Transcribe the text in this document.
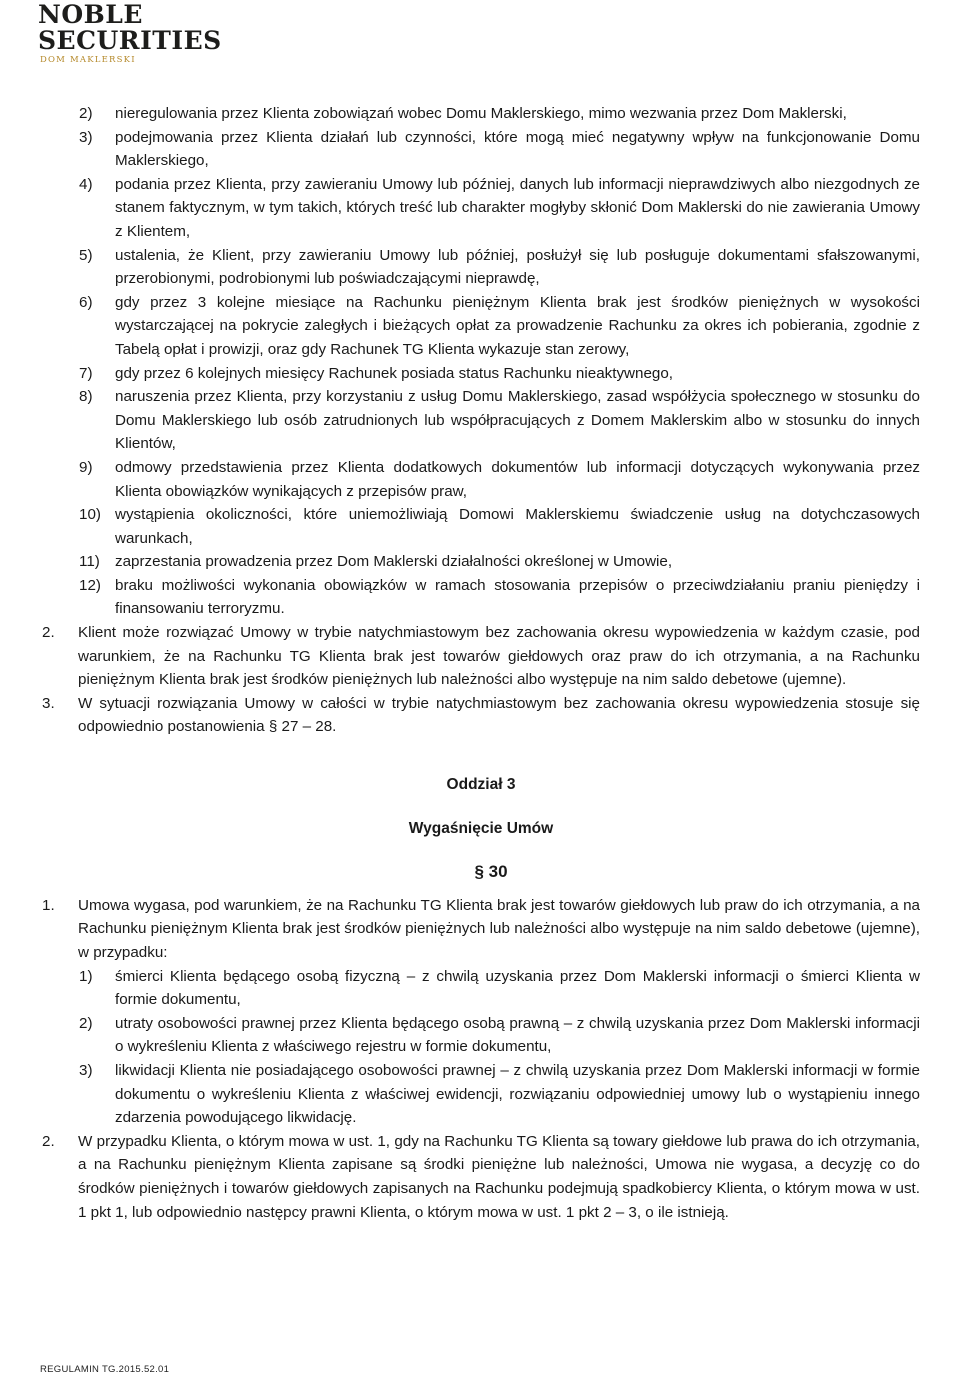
NOBLE
SECURITIES
DOM MAKLERSKI
2) nieregulowania przez Klienta zobowiązań wobec Domu Maklerskiego, mimo wezwania przez Dom Maklerski,
3) podejmowania przez Klienta działań lub czynności, które mogą mieć negatywny wpływ na funkcjonowanie Domu Maklerskiego,
4) podania przez Klienta, przy zawieraniu Umowy lub później, danych lub informacji nieprawdziwych albo niezgodnych ze stanem faktycznym, w tym takich, których treść lub charakter mogłyby skłonić Dom Maklerski do nie zawierania Umowy z Klientem,
5) ustalenia, że Klient, przy zawieraniu Umowy lub później, posłużył się lub posługuje dokumentami sfałszowanymi, przerobionymi, podrobionymi lub poświadczającymi nieprawdę,
6) gdy przez 3 kolejne miesiące na Rachunku pieniężnym Klienta brak jest środków pieniężnych w wysokości wystarczającej na pokrycie zaległych i bieżących opłat za prowadzenie Rachunku za okres ich pobierania, zgodnie z Tabelą opłat i prowizji, oraz gdy Rachunek TG Klienta wykazuje stan zerowy,
7) gdy przez 6 kolejnych miesięcy Rachunek posiada status Rachunku nieaktywnego,
8) naruszenia przez Klienta, przy korzystaniu z usług Domu Maklerskiego, zasad współżycia społecznego w stosunku do Domu Maklerskiego lub osób zatrudnionych lub współpracujących z Domem Maklerskim albo w stosunku do innych Klientów,
9) odmowy przedstawienia przez Klienta dodatkowych dokumentów lub informacji dotyczących wykonywania przez Klienta obowiązków wynikających z przepisów praw,
10) wystąpienia okoliczności, które uniemożliwiają Domowi Maklerskiemu świadczenie usług na dotychczasowych warunkach,
11) zaprzestania prowadzenia przez Dom Maklerski działalności określonej w Umowie,
12) braku możliwości wykonania obowiązków w ramach stosowania przepisów o przeciwdziałaniu praniu pieniędzy i finansowaniu terroryzmu.
2. Klient może rozwiązać Umowy w trybie natychmiastowym bez zachowania okresu wypowiedzenia w każdym czasie, pod warunkiem, że na Rachunku TG Klienta brak jest towarów giełdowych oraz praw do ich otrzymania, a na Rachunku pieniężnym Klienta brak jest środków pieniężnych lub należności albo występuje na nim saldo debetowe (ujemne).
3. W sytuacji rozwiązania Umowy w całości w trybie natychmiastowym bez zachowania okresu wypowiedzenia stosuje się odpowiednio postanowienia § 27 – 28.
Oddział 3
Wygaśnięcie Umów
§ 30
1. Umowa wygasa, pod warunkiem, że na Rachunku TG Klienta brak jest towarów giełdowych lub praw do ich otrzymania, a na Rachunku pieniężnym Klienta brak jest środków pieniężnych lub należności albo występuje na nim saldo debetowe (ujemne), w przypadku:
1) śmierci Klienta będącego osobą fizyczną – z chwilą uzyskania przez Dom Maklerski informacji o śmierci Klienta w formie dokumentu,
2) utraty osobowości prawnej przez Klienta będącego osobą prawną – z chwilą uzyskania przez Dom Maklerski informacji o wykreśleniu Klienta z właściwego rejestru w formie dokumentu,
3) likwidacji Klienta nie posiadającego osobowości prawnej – z chwilą uzyskania przez Dom Maklerski informacji w formie dokumentu o wykreśleniu Klienta z właściwej ewidencji, rozwiązaniu odpowiedniej umowy lub o wystąpieniu innego zdarzenia powodującego likwidację.
2. W przypadku Klienta, o którym mowa w ust. 1, gdy na Rachunku TG Klienta są towary giełdowe lub prawa do ich otrzymania, a na Rachunku pieniężnym Klienta zapisane są środki pieniężne lub należności, Umowa nie wygasa, a decyzję co do środków pieniężnych i towarów giełdowych zapisanych na Rachunku podejmują spadkobiercy Klienta, o którym mowa w ust. 1 pkt 1, lub odpowiednio następcy prawni Klienta, o którym mowa w ust. 1 pkt 2 – 3, o ile istnieją.
REGULAMIN TG.2015.52.01
